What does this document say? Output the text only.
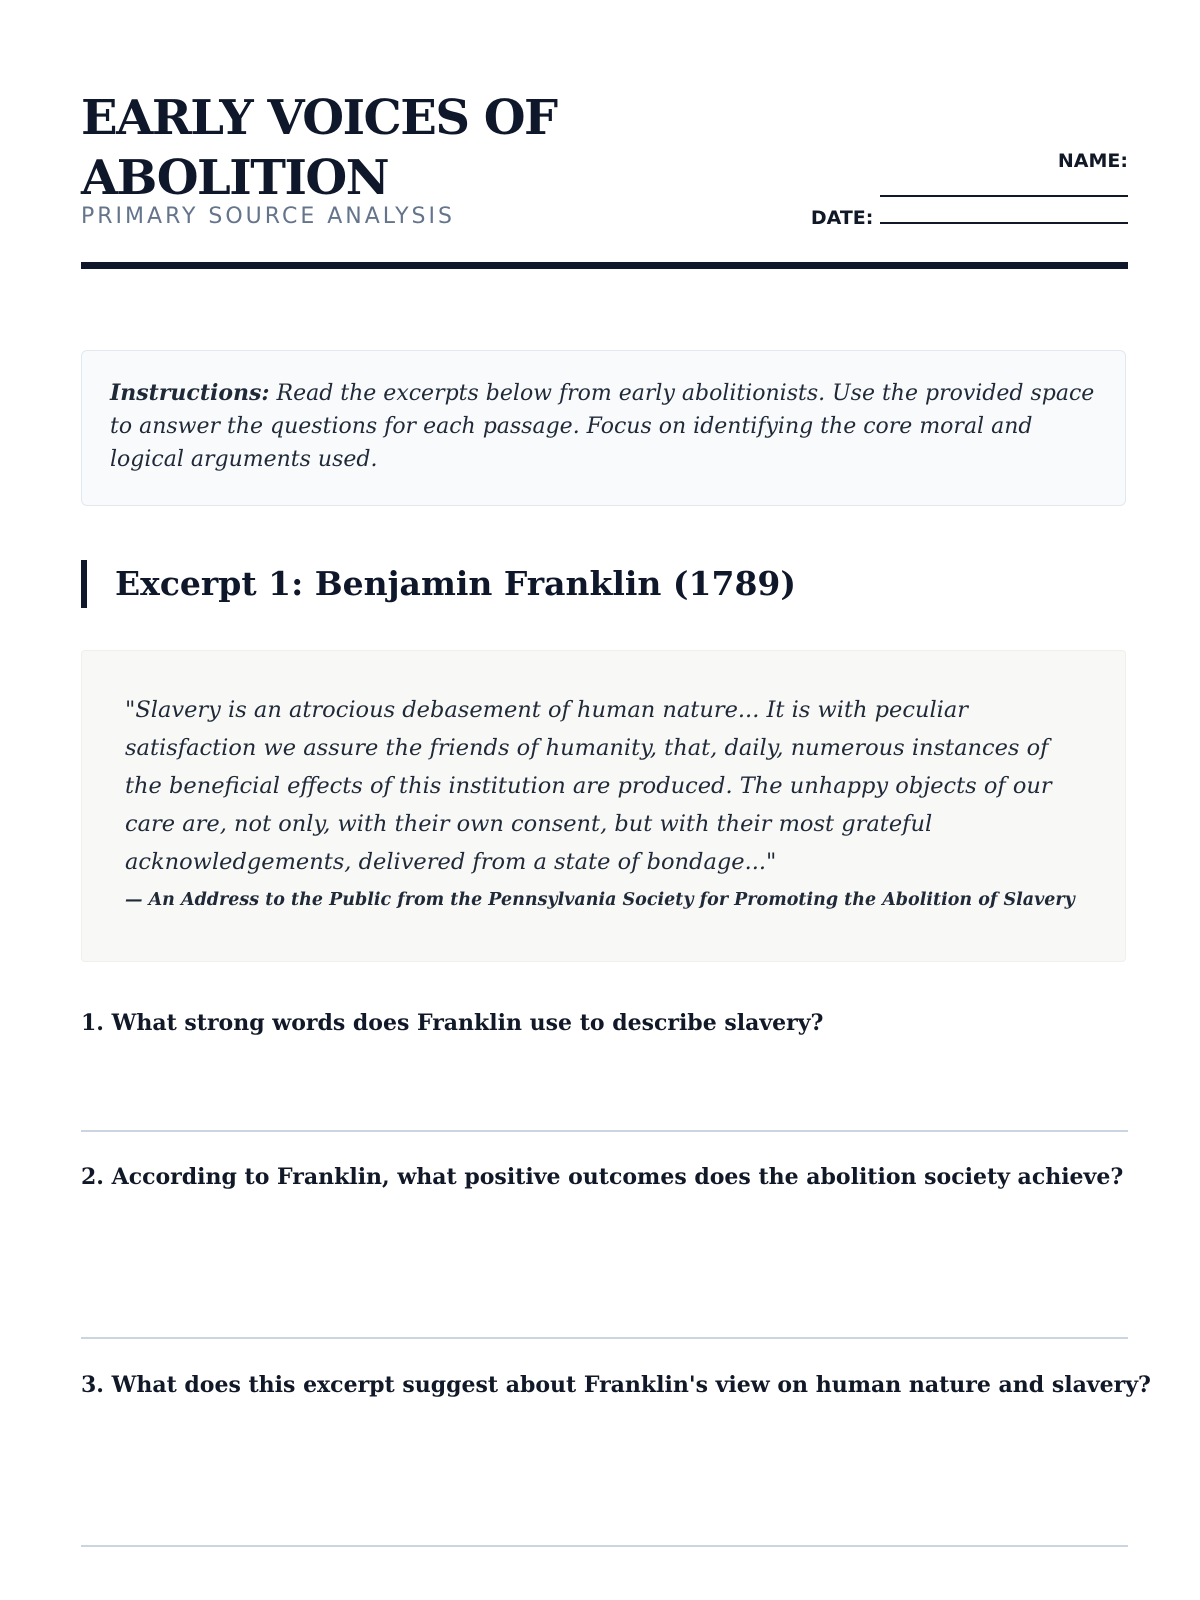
EARLY VOICES OF ABOLITION
PRIMARY SOURCE ANALYSIS
NAME:
DATE:
Instructions: Read the excerpts below from early abolitionists. Use the provided space to answer the questions for each passage. Focus on identifying the core moral and logical arguments used.
Excerpt 1: Benjamin Franklin (1789)

"Slavery is an atrocious debasement of human nature... It is with peculiar satisfaction we assure the friends of humanity, that, daily, numerous instances of the beneficial effects of this institution are produced. The unhappy objects of our care are, not only, with their own consent, but with their most grateful acknowledgements, delivered from a state of bondage..."

— An Address to the Public from the Pennsylvania Society for Promoting the Abolition of Slavery

1. What strong words does Franklin use to describe slavery?

2. According to Franklin, what positive outcomes does the abolition society achieve?

3. What does this excerpt suggest about Franklin's view on human nature and slavery?
